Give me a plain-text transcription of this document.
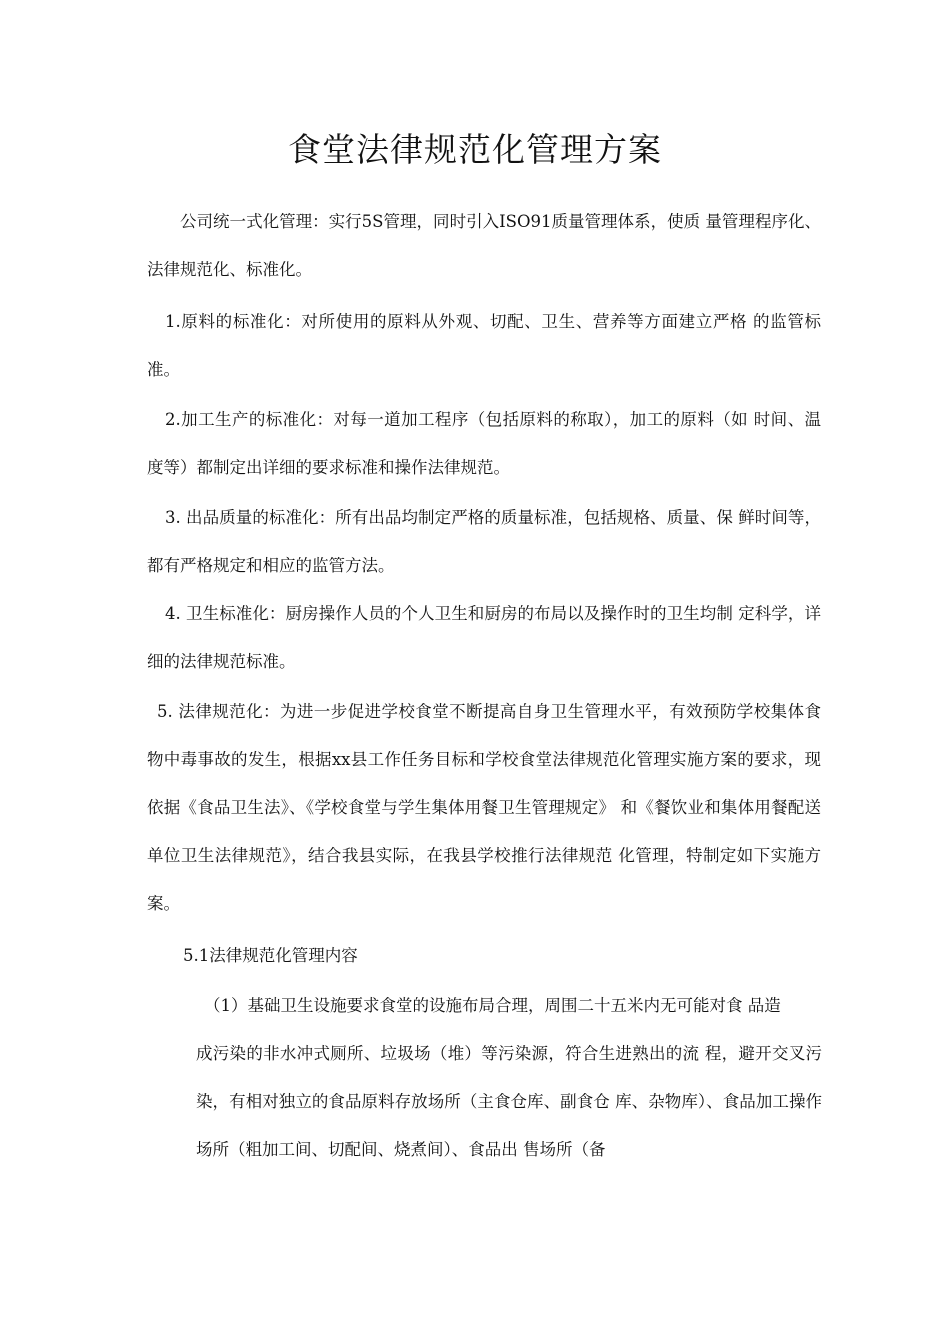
食堂法律规范化管理方案

公司统一式化管理：实行5S管理，同时引入ISO91质量管理体系，使质 量管理程序化、法律规范化、标准化。

1.原料的标准化：对所使用的原料从外观、切配、卫生、营养等方面建立严格 的监管标准。

2.加工生产的标准化：对每一道加工程序（包括原料的称取），加工的原料（如 时间、温度等）都制定出详细的要求标准和操作法律规范。

3. 出品质量的标准化：所有出品均制定严格的质量标准，包括规格、质量、保 鲜时间等，都有严格规定和相应的监管方法。

4. 卫生标准化：厨房操作人员的个人卫生和厨房的布局以及操作时的卫生均制 定科学，详细的法律规范标准。

5. 法律规范化：为进一步促进学校食堂不断提高自身卫生管理水平，有效预防学校集体食物中毒事故的发生，根据xx县工作任务目标和学校食堂法律规范化管理实施方案的要求，现依据《食品卫生法》、《学校食堂与学生集体用餐卫生管理规定》 和《餐饮业和集体用餐配送单位卫生法律规范》，结合我县实际，在我县学校推行法律规范 化管理，特制定如下实施方案。

5.1法律规范化管理内容

（1）基础卫生设施要求食堂的设施布局合理，周围二十五米内无可能对食 品造
成污染的非水冲式厕所、垃圾场（堆）等污染源，符合生进熟出的流 程，避开交叉污染，有相对独立的食品原料存放场所（主食仓库、副食仓 库、杂物库）、食品加工操作场所（粗加工间、切配间、烧煮间）、食品出 售场所（备
